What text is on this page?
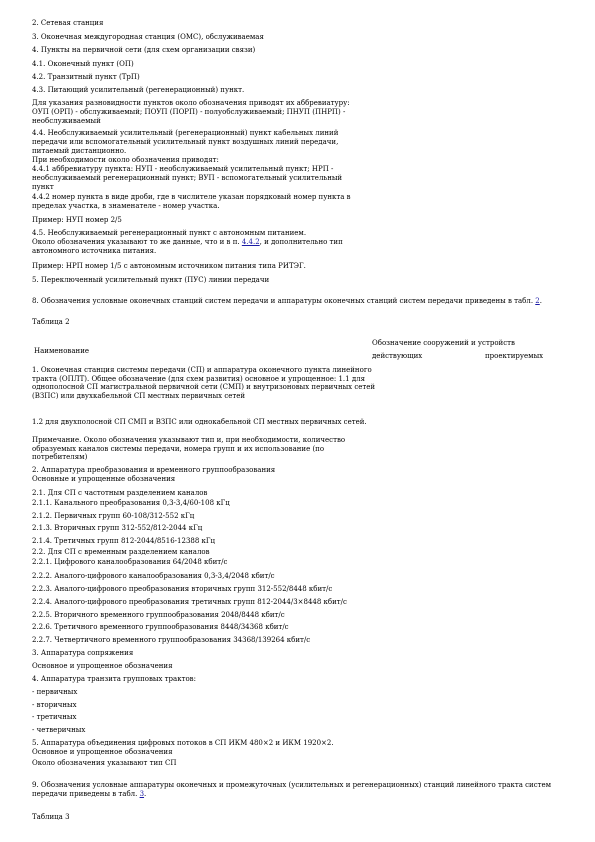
2. Сетевая станция
3. Оконечная междугородная станция (ОМС), обслуживаемая
4. Пункты на первичной сети (для схем организации связи)
4.1. Оконечный пункт (ОП)
4.2. Транзитный пункт (ТрП)
4.3. Питающий усилительный (регенерационный) пункт.
Для указания разновидности пунктов около обозначения приводят их аббревиатуру:
ОУП (ОРП) - обслуживаемый; ПОУП (ПОРП) - полуобслуживаемый; ПНУП (ПНРП) -
необслуживаемый
4.4. Необслуживаемый усилительный (регенерационный) пункт кабельных линий
передачи или вспомогательный усилительный пункт воздушных линий передачи,
питаемый дистанционно.
При необходимости около обозначения приводят:
4.4.1 аббревиатуру пункта: НУП - необслуживаемый усилительный пункт; НРП -
необслуживаемый регенерационный пункт; ВУП - вспомогательный усилительный
пункт
4.4.2 номер пункта в виде дроби, где в числителе указан порядковый номер пункта в
пределах участка, в знаменателе - номер участка.
Пример: НУП номер 2/5
4.5. Необслуживаемый регенерационный пункт с автономным питанием.
Около обозначения указывают то же данные, что и в п. 4.4.2, и дополнительно тип
автономного источника питания.
Пример: НРП номер 1/5 с автономным источником питания типа РИТЭГ.
5. Переключенный усилительный пункт (ПУС) линии передачи
8. Обозначения условные оконечных станций систем передачи и аппаратуры оконечных станций систем передачи приведены в табл. 2.
Таблица 2
Обозначение сооружений и устройств
Наименование
действующих	проектируемых
1. Оконечная станция системы передачи (СП) и аппаратура оконечного пункта линейного тракта (ОПЛТ). Общее обозначение (для схем развития) основное и упрощенное: 1.1 для однополосной СП магистральной первичной сети (СМП) и внутризоновых первичных сетей (ВЗПС) или двухкабельной СП местных первичных сетей
1.2 для двухполосной СП СМП и ВЗПС или однокабельной СП местных первичных сетей.
Примечание. Около обозначения указывают тип и, при необходимости, количество образуемых каналов системы передачи, номера групп и их использование (по потребителям)
2. Аппаратура преобразования и временного группообразования
Основные и упрощенные обозначения
2.1. Для СП с частотным разделением каналов
2.1.1. Канального преобразования 0,3-3,4/60-108 кГц
2.1.2. Первичных групп 60-108/312-552 кГц
2.1.3. Вторичных групп 312-552/812-2044 кГц
2.1.4. Третичных групп 812-2044/8516-12388 кГц
2.2. Для СП с временным разделением каналов
2.2.1. Цифрового каналообразования 64/2048 кбит/с
2.2.2. Аналого-цифрового каналообразования 0,3-3,4/2048 кбит/с
2.2.3. Аналого-цифрового преобразования вторичных групп 312-552/8448 кбит/с
2.2.4. Аналого-цифрового преобразования третичных групп 812-2044/3×8448 кбит/с
2.2.5. Вторичного временного группообразования 2048/8448 кбит/с
2.2.6. Третичного временного группообразования 8448/34368 кбит/с
2.2.7. Четвертичного временного группообразования 34368/139264 кбит/с
3. Аппаратура сопряжения
Основное и упрощенное обозначения
4. Аппаратура транзита групповых трактов:
- первичных
- вторичных
- третичных
- четверичных
5. Аппаратура объединения цифровых потоков в СП ИКМ 480×2 и ИКМ 1920×2.
Основное и упрощенное обозначения
Около обозначения указывают тип СП
9. Обозначения условные аппаратуры оконечных и промежуточных (усилительных и регенерационных) станций линейного тракта систем передачи приведены в табл. 3.
Таблица 3
